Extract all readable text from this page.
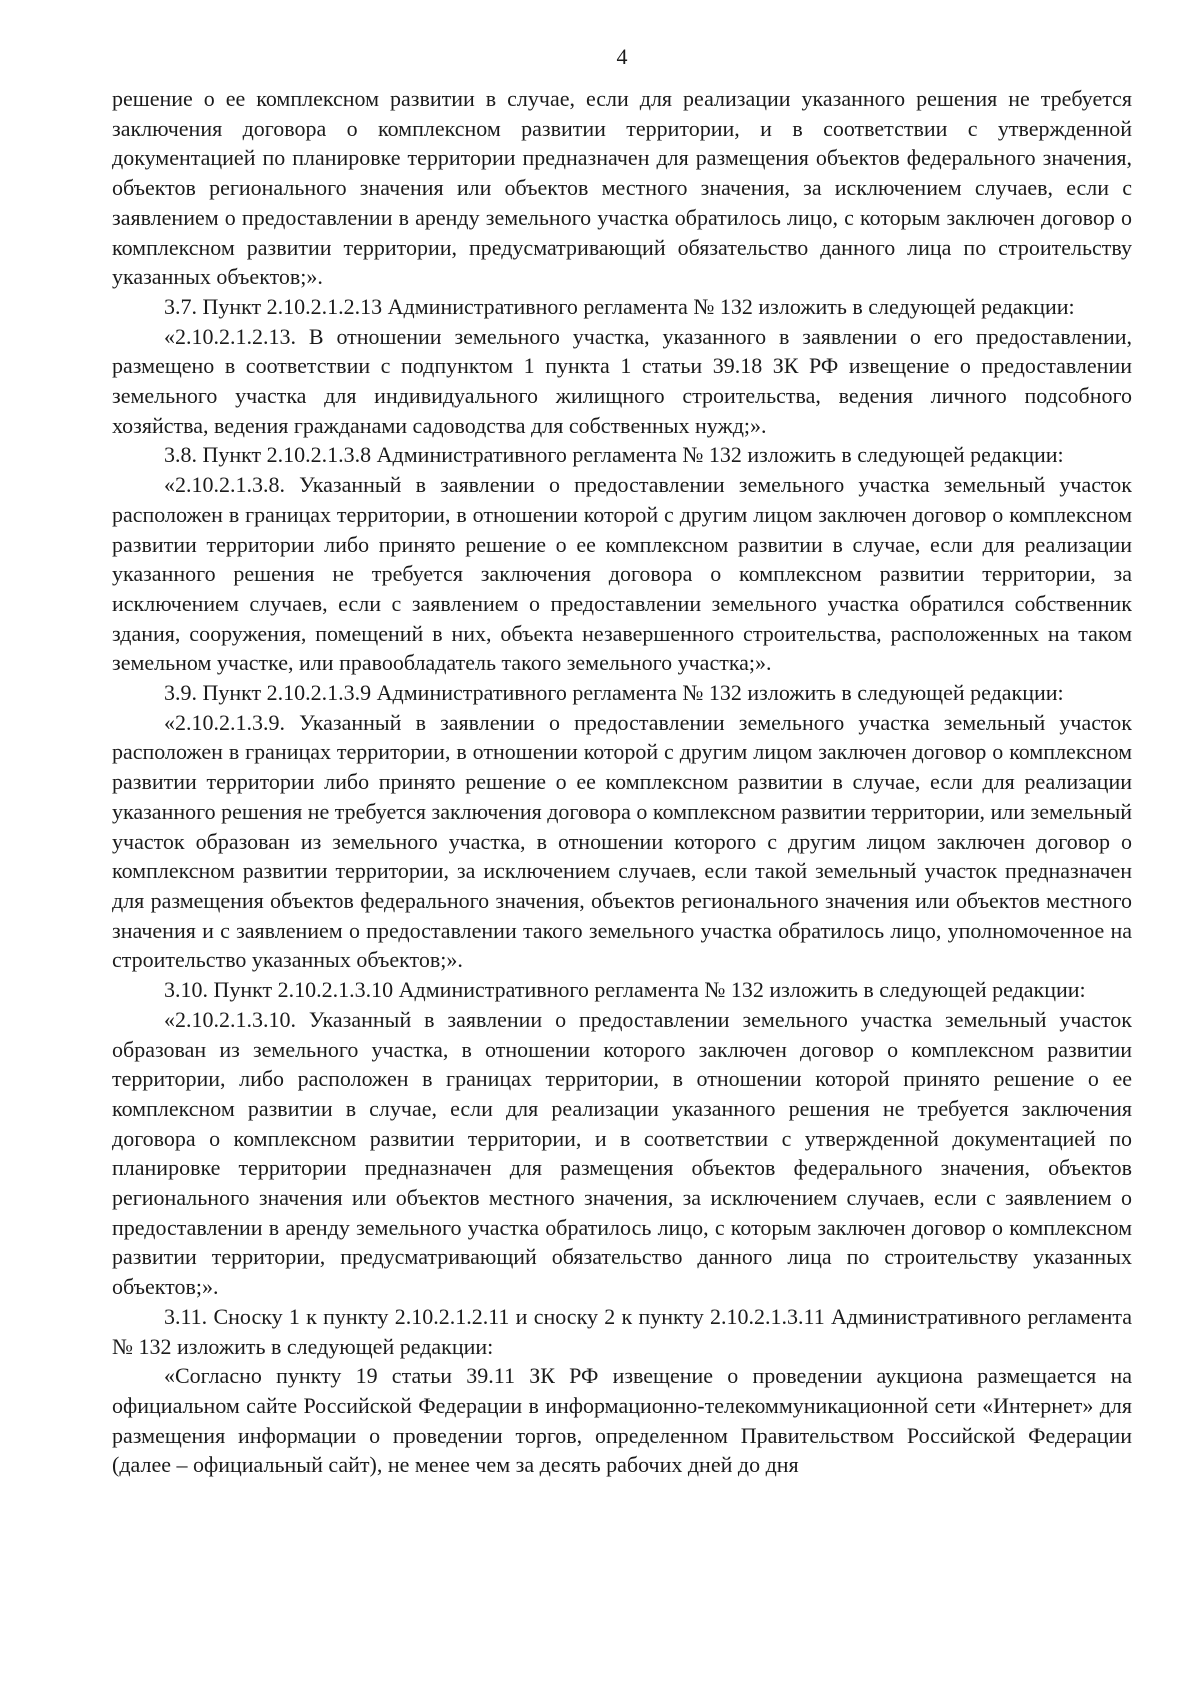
4

решение о ее комплексном развитии в случае, если для реализации указанного решения не требуется заключения договора о комплексном развитии территории, и в соответствии с утвержденной документацией по планировке территории предназначен для размещения объектов федерального значения, объектов регионального значения или объектов местного значения, за исключением случаев, если с заявлением о предоставлении в аренду земельного участка обратилось лицо, с которым заключен договор о комплексном развитии территории, предусматривающий обязательство данного лица по строительству указанных объектов;».

3.7. Пункт 2.10.2.1.2.13 Административного регламента № 132 изложить в следующей редакции:

«2.10.2.1.2.13. В отношении земельного участка, указанного в заявлении о его предоставлении, размещено в соответствии с подпунктом 1 пункта 1 статьи 39.18 ЗК РФ извещение о предоставлении земельного участка для индивидуального жилищного строительства, ведения личного подсобного хозяйства, ведения гражданами садоводства для собственных нужд;».

3.8. Пункт 2.10.2.1.3.8 Административного регламента № 132 изложить в следующей редакции:

«2.10.2.1.3.8. Указанный в заявлении о предоставлении земельного участка земельный участок расположен в границах территории, в отношении которой с другим лицом заключен договор о комплексном развитии территории либо принято решение о ее комплексном развитии в случае, если для реализации указанного решения не требуется заключения договора о комплексном развитии территории, за исключением случаев, если с заявлением о предоставлении земельного участка обратился собственник здания, сооружения, помещений в них, объекта незавершенного строительства, расположенных на таком земельном участке, или правообладатель такого земельного участка;».

3.9. Пункт 2.10.2.1.3.9 Административного регламента № 132 изложить в следующей редакции:

«2.10.2.1.3.9. Указанный в заявлении о предоставлении земельного участка земельный участок расположен в границах территории, в отношении которой с другим лицом заключен договор о комплексном развитии территории либо принято решение о ее комплексном развитии в случае, если для реализации указанного решения не требуется заключения договора о комплексном развитии территории, или земельный участок образован из земельного участка, в отношении которого с другим лицом заключен договор о комплексном развитии территории, за исключением случаев, если такой земельный участок предназначен для размещения объектов федерального значения, объектов регионального значения или объектов местного значения и с заявлением о предоставлении такого земельного участка обратилось лицо, уполномоченное на строительство указанных объектов;».

3.10. Пункт 2.10.2.1.3.10 Административного регламента № 132 изложить в следующей редакции:

«2.10.2.1.3.10. Указанный в заявлении о предоставлении земельного участка земельный участок образован из земельного участка, в отношении которого заключен договор о комплексном развитии территории, либо расположен в границах территории, в отношении которой принято решение о ее комплексном развитии в случае, если для реализации указанного решения не требуется заключения договора о комплексном развитии территории, и в соответствии с утвержденной документацией по планировке территории предназначен для размещения объектов федерального значения, объектов регионального значения или объектов местного значения, за исключением случаев, если с заявлением о предоставлении в аренду земельного участка обратилось лицо, с которым заключен договор о комплексном развитии территории, предусматривающий обязательство данного лица по строительству указанных объектов;».

3.11. Сноску 1 к пункту 2.10.2.1.2.11 и сноску 2 к пункту 2.10.2.1.3.11 Административного регламента № 132 изложить в следующей редакции:

«Согласно пункту 19 статьи 39.11 ЗК РФ извещение о проведении аукциона размещается на официальном сайте Российской Федерации в информационно-телекоммуникационной сети «Интернет» для размещения информации о проведении торгов, определенном Правительством Российской Федерации (далее – официальный сайт), не менее чем за десять рабочих дней до дня
